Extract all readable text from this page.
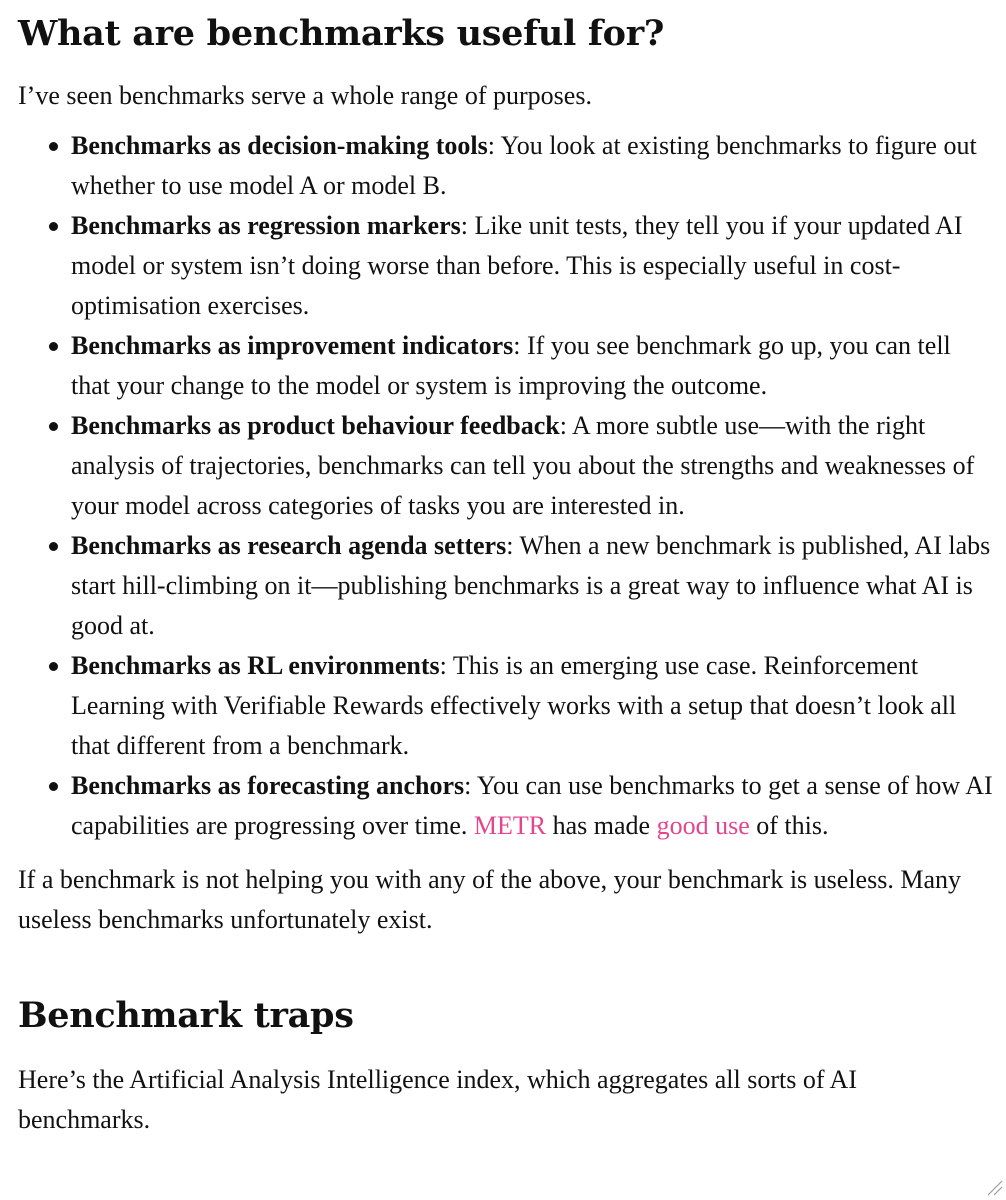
What are benchmarks useful for?

I’ve seen benchmarks serve a whole range of purposes.

Benchmarks as decision-making tools: You look at existing benchmarks to figure out whether to use model A or model B.
Benchmarks as regression markers: Like unit tests, they tell you if your updated AI model or system isn’t doing worse than before. This is especially useful in cost-optimisation exercises.
Benchmarks as improvement indicators: If you see benchmark go up, you can tell that your change to the model or system is improving the outcome.
Benchmarks as product behaviour feedback: A more subtle use—with the right analysis of trajectories, benchmarks can tell you about the strengths and weaknesses of your model across categories of tasks you are interested in.
Benchmarks as research agenda setters: When a new benchmark is published, AI labs start hill-climbing on it—publishing benchmarks is a great way to influence what AI is good at.
Benchmarks as RL environments: This is an emerging use case. Reinforcement Learning with Verifiable Rewards effectively works with a setup that doesn’t look all that different from a benchmark.
Benchmarks as forecasting anchors: You can use benchmarks to get a sense of how AI capabilities are progressing over time. METR has made good use of this.

If a benchmark is not helping you with any of the above, your benchmark is useless. Many useless benchmarks unfortunately exist.

Benchmark traps

Here’s the Artificial Analysis Intelligence index, which aggregates all sorts of AI benchmarks.
